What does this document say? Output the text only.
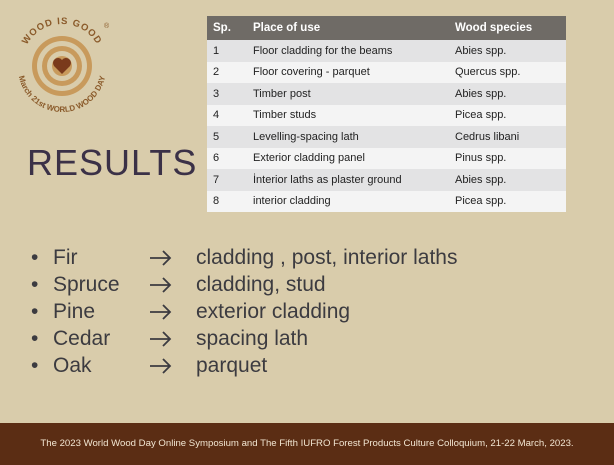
WOOD IS GOOD
March 21st WORLD WOOD DAY
®
RESULTS
Sp.	Place of use	Wood species
1	Floor cladding for the beams	Abies spp.
2	Floor covering - parquet	Quercus spp.
3	Timber post	Abies spp.
4	Timber studs	Picea spp.
5	Levelling-spacing lath	Cedrus libani
6	Exterior cladding panel	Pinus spp.
7	İnterior laths as plaster ground	Abies spp.
8	interior cladding	Picea spp.
• Fir	cladding , post, interior laths
• Spruce	cladding, stud
• Pine	exterior cladding
• Cedar	spacing lath
• Oak	parquet
The 2023 World Wood Day Online Symposium and The Fifth IUFRO Forest Products Culture Colloquium, 21-22 March, 2023.
